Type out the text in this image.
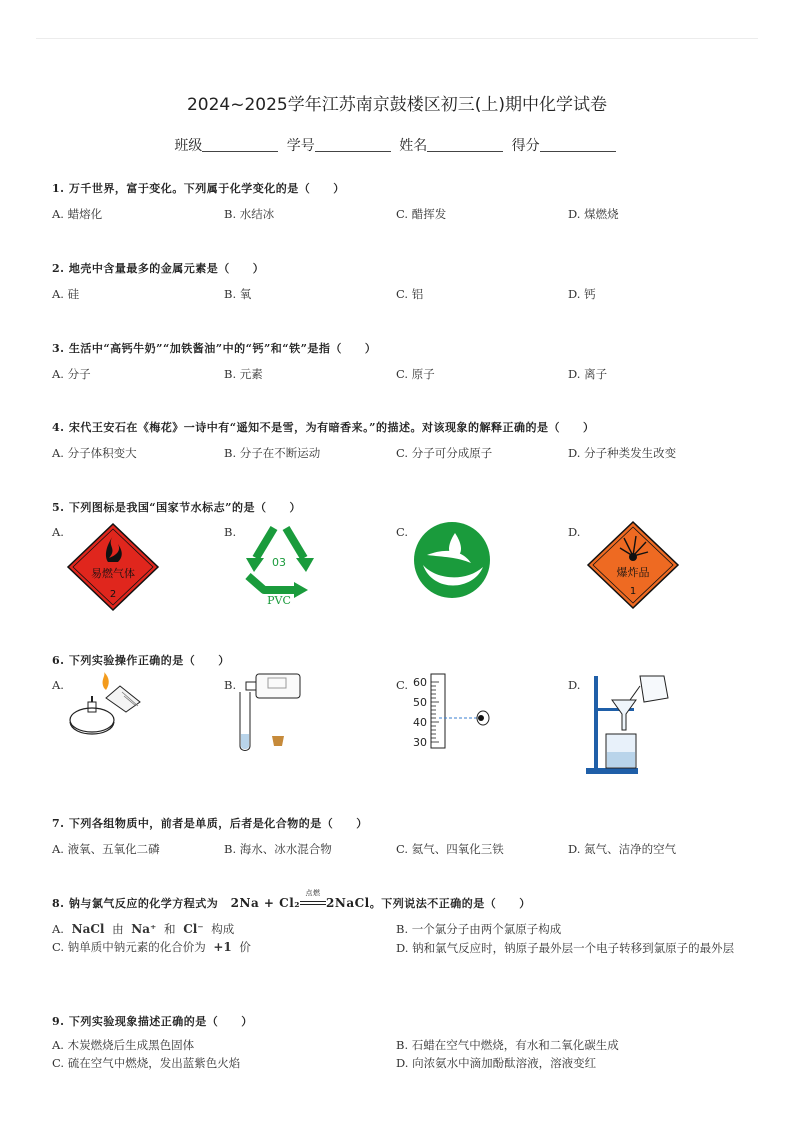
2024~2025学年江苏南京鼓楼区初三(上)期中化学试卷
班级	学号	姓名	得分
1. 万千世界，富于变化。下列属于化学变化的是（　　）
A. 蜡熔化	B. 水结冰	C. 醋挥发	D. 煤燃烧
2. 地壳中含量最多的金属元素是（　　）
A. 硅	B. 氧	C. 铝	D. 钙
3. 生活中“高钙牛奶”“加铁酱油”中的“钙”和“铁”是指（　　）
A. 分子	B. 元素	C. 原子	D. 离子
4. 宋代王安石在《梅花》一诗中有“遥知不是雪，为有暗香来。”的描述。对该现象的解释正确的是（　　）
A. 分子体积变大	B. 分子在不断运动	C. 分子可分成原子	D. 分子种类发生改变
5. 下列图标是我国“国家节水标志”的是（　　）
A.	B.	C.	D.
易燃气体
2
03
PVC
爆炸品
1
6. 下列实验操作正确的是（　　）
A.	B.	C.	D.
60
50
40
30
7. 下列各组物质中，前者是单质，后者是化合物的是（　　）
A. 液氧、五氧化二磷	B. 海水、冰水混合物	C. 氦气、四氧化三铁	D. 氮气、洁净的空气
8. 钠与氯气反应的化学方程式为 2Na + Cl₂
点燃
2NaCl。下列说法不正确的是（　　）
A. NaCl 由 Na⁺ 和 Cl⁻ 构成	B. 一个氯分子由两个氯原子构成
C. 钠单质中钠元素的化合价为 +1 价	D. 钠和氯气反应时，钠原子最外层一个电子转移到氯原子的最外层
9. 下列实验现象描述正确的是（　　）
A. 木炭燃烧后生成黑色固体	B. 石蜡在空气中燃烧，有水和二氧化碳生成
C. 硫在空气中燃烧，发出蓝紫色火焰	D. 向浓氨水中滴加酚酞溶液，溶液变红
